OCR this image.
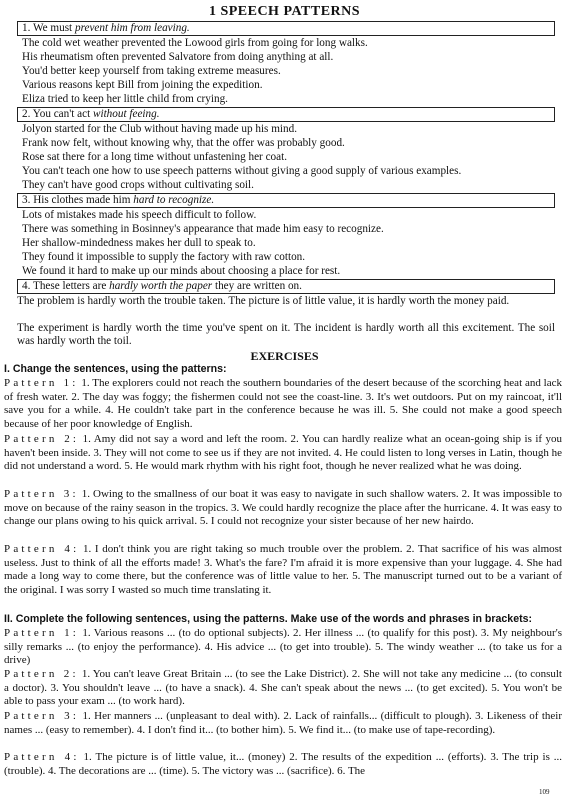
1 SPEECH PATTERNS
1. We must prevent him from leaving.
The cold wet weather prevented the Lowood girls from going for long walks.
His rheumatism often prevented Salvatore from doing anything at all.
You'd better keep yourself from taking extreme measures.
Various reasons kept Bill from joining the expedition.
Eliza tried to keep her little child from crying.
2. You can't act without feeing.
Jolyon started for the Club without having made up his mind.
Frank now felt, without knowing why, that the offer was probably good.
Rose sat there for a long time without unfastening her coat.
You can't teach one how to use speech patterns without giving a good supply of various examples.
They can't have good crops without cultivating soil.
3. His clothes made him hard to recognize.
Lots of mistakes made his speech difficult to follow.
There was something in Bosinney's appearance that made him easy to recognize.
Her shallow-mindedness makes her dull to speak to.
They found it impossible to supply the factory with raw cotton.
We found it hard to make up our minds about choosing a place for rest.
4. These letters are hardly worth the paper they are written on.
The problem is hardly worth the trouble taken. The picture is of little value, it is hardly worth the money paid.
The experiment is hardly worth the time you've spent on it. The incident is hardly worth all this excitement. The soil was hardly worth the toil.
EXERCISES
I. Change the sentences, using the patterns:
Pattern 1: 1. The explorers could not reach the southern boundaries of the desert because of the scorching heat and lack of fresh water. 2. The day was foggy; the fishermen could not see the coast-line. 3. It's wet outdoors. Put on my raincoat, it'll save you for a while. 4. He couldn't take part in the conference because he was ill. 5. She could not make a good speech because of her poor knowledge of English.
Pattern 2: 1. Amy did not say a word and left the room. 2. You can hardly realize what an ocean-going ship is if you haven't been inside. 3. They will not come to see us if they are not invited. 4. He could listen to long verses in Latin, though he did not understand a word. 5. He would mark rhythm with his right foot, though he never realized what he was doing.
Pattern 3: 1. Owing to the smallness of our boat it was easy to navigate in such shallow waters. 2. It was impossible to move on because of the rainy season in the tropics. 3. We could hardly recognize the place after the hurricane. 4. It was easy to change our plans owing to his quick arrival. 5. I could not recognize your sister because of her new hairdo.
Pattern 4: 1. I don't think you are right taking so much trouble over the problem. 2. That sacrifice of his was almost useless. Just to think of all the efforts made! 3. What's the fare? I'm afraid it is more expensive than your luggage. 4. She had made a long way to come there, but the conference was of little value to her. 5. The manuscript turned out to be a variant of the original. I was sorry I wasted so much time translating it.
II. Complete the following sentences, using the patterns. Make use of the words and phrases in brackets:
Pattern 1: 1. Various reasons ... (to do optional subjects). 2. Her illness ... (to qualify for this post). 3. My neighbour's silly remarks ... (to enjoy the performance). 4. His advice ... (to get into trouble). 5. The windy weather ... (to take us for a drive)
Pattern 2: 1. You can't leave Great Britain ... (to see the Lake District). 2. She will not take any medicine ... (to consult a doctor). 3. You shouldn't leave ... (to have a snack). 4. She can't speak about the news ... (to get excited). 5. You won't be able to pass your exam ... (to work hard).
Pattern 3: 1. Her manners ... (unpleasant to deal with). 2. Lack of rainfalls... (difficult to plough). 3. Likeness of their names ... (easy to remember). 4. I don't find it... (to bother him). 5. We find it... (to make use of tape-recording).
Pattern 4: 1. The picture is of little value, it... (money) 2. The results of the expedition ... (efforts). 3. The trip is ... (trouble). 4. The decorations are ... (time). 5. The victory was ... (sacrifice). 6. The
109
